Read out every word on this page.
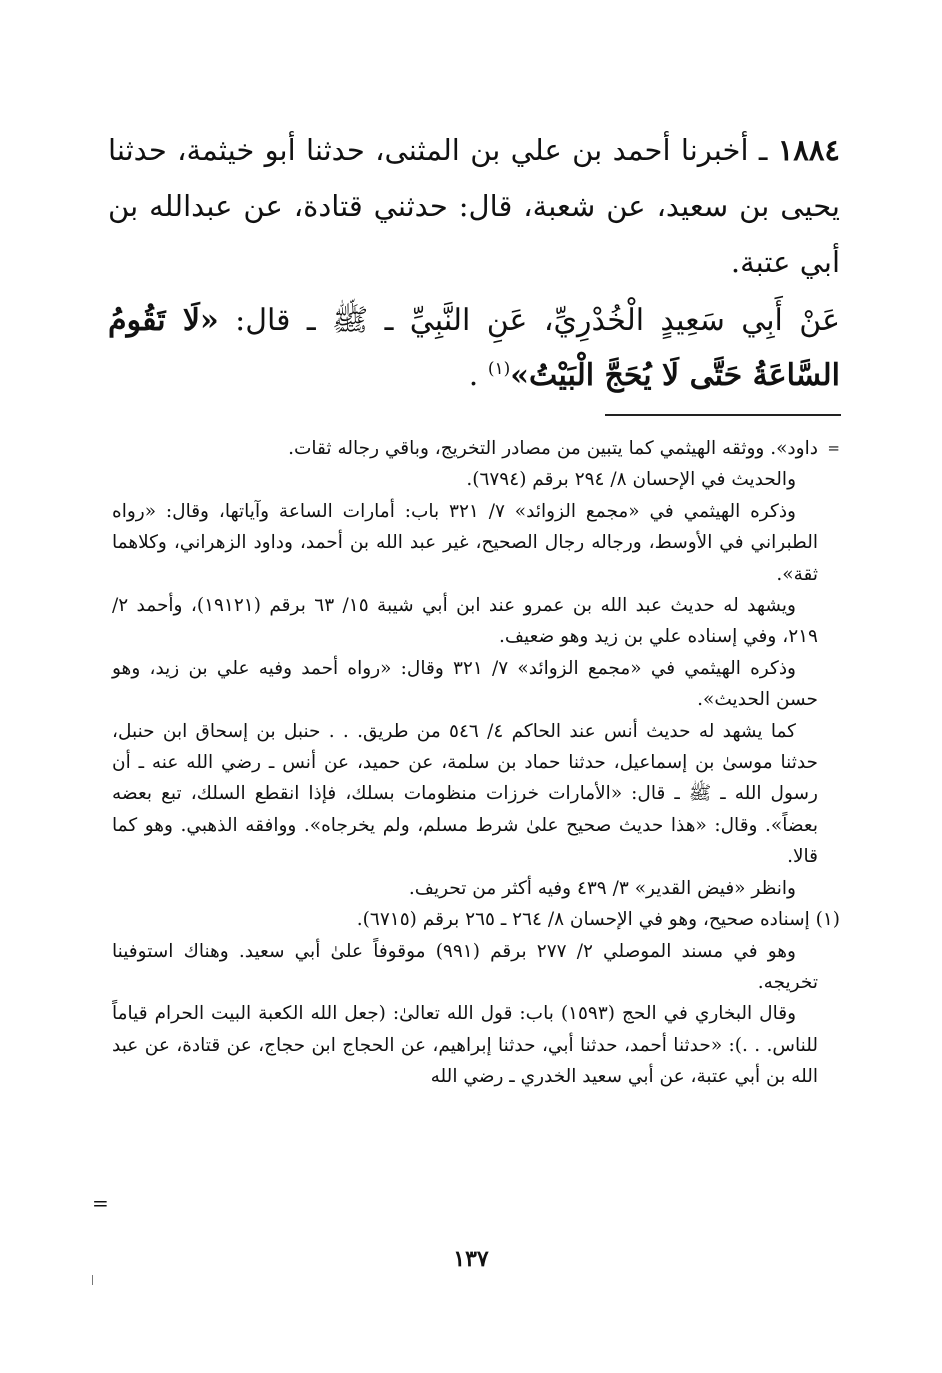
١٨٨٤ ـ أخبرنا أحمد بن علي بن المثنى، حدثنا أبو خيثمة، حدثنا يحيى بن سعيد، عن شعبة، قال: حدثني قتادة، عن عبدالله بن أبي عتبة.

عَنْ أَبِي سَعِيدٍ الْخُدْرِيِّ، عَنِ النَّبِيِّ ـ ﷺ ـ قال: «لَا تَقُومُ السَّاعَةُ حَتَّى لَا يُحَجَّ الْبَيْتُ»$^{(١)}$ .

=
داود». ووثقه الهيثمي كما يتبين من مصادر التخريج، وباقي رجاله ثقات.

والحديث في الإحسان ٨/ ٢٩٤ برقم (٦٧٩٤).

وذكره الهيثمي في «مجمع الزوائد» ٧/ ٣٢١ باب: أمارات الساعة وآياتها، وقال: «رواه الطبراني في الأوسط، ورجاله رجال الصحيح، غير عبد الله بن أحمد، وداود الزهراني، وكلاهما ثقة».

ويشهد له حديث عبد الله بن عمرو عند ابن أبي شيبة ١٥/ ٦٣ برقم (١٩١٢١)، وأحمد ٢/ ٢١٩، وفي إسناده علي بن زيد وهو ضعيف.

وذكره الهيثمي في «مجمع الزوائد» ٧/ ٣٢١ وقال: «رواه أحمد وفيه علي بن زيد، وهو حسن الحديث».

كما يشهد له حديث أنس عند الحاكم ٤/ ٥٤٦ من طريق. . . حنبل بن إسحاق ابن حنبل، حدثنا موسىٰ بن إسماعيل، حدثنا حماد بن سلمة، عن حميد، عن أنس ـ رضي الله عنه ـ أن رسول الله ـ ﷺ ـ قال: «الأمارات خرزات منظومات بسلك، فإذا انقطع السلك، تبع بعضه بعضاً». وقال: «هذا حديث صحيح علىٰ شرط مسلم، ولم يخرجاه». ووافقه الذهبي. وهو كما قالا.

وانظر «فيض القدير» ٣/ ٤٣٩ وفيه أكثر من تحريف.

(١) إسناده صحيح، وهو في الإحسان ٨/ ٢٦٤ ـ ٢٦٥ برقم (٦٧١٥).

وهو في مسند الموصلي ٢/ ٢٧٧ برقم (٩٩١) موقوفاً علىٰ أبي سعيد. وهناك استوفينا تخريجه.

وقال البخاري في الحج (١٥٩٣) باب: قول الله تعالىٰ: (جعل الله الكعبة البيت الحرام قياماً للناس. . .): «حدثنا أحمد، حدثنا أبي، حدثنا إبراهيم، عن الحجاج ابن حجاج، عن قتادة، عن عبد الله بن أبي عتبة، عن أبي سعيد الخدري ـ رضي الله

=
١٣٧
